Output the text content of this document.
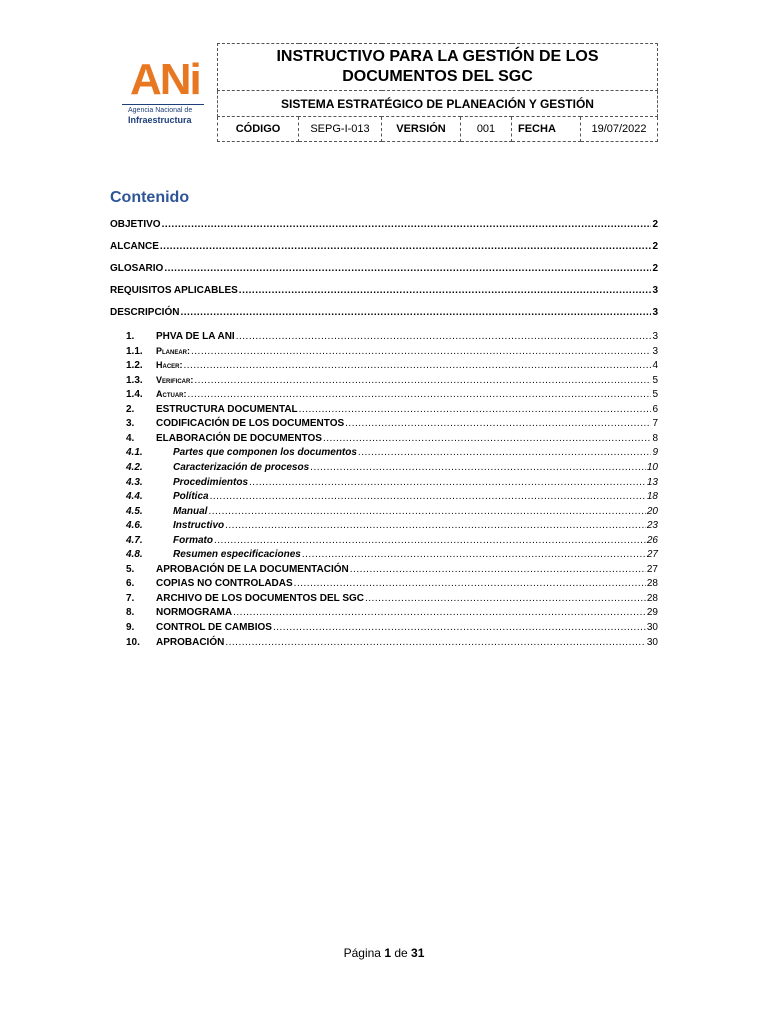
ANi
Agencia Nacional de
Infraestructura
INSTRUCTIVO PARA LA GESTIÓN DE LOS DOCUMENTOS DEL SGC
SISTEMA ESTRATÉGICO DE PLANEACIÓN Y GESTIÓN
CÓDIGO	SEPG-I-013	VERSIÓN	001	FECHA	19/07/2022
Contenido
OBJETIVO .....	2
ALCANCE .....	2
GLOSARIO .....	2
REQUISITOS APLICABLES .....	3
DESCRIPCIÓN .....	3
1. PHVA DE LA ANI .....	3
1.1. Planear: .....	3
1.2. Hacer: .....	4
1.3. Verificar: .....	5
1.4. Actuar: .....	5
2. ESTRUCTURA DOCUMENTAL .....	6
3. CODIFICACIÓN DE LOS DOCUMENTOS .....	7
4. ELABORACIÓN DE DOCUMENTOS .....	8
4.1.	Partes que componen los documentos .....	9
4.2.	Caracterización de procesos .....	10
4.3.	Procedimientos .....	13
4.4.	Política .....	18
4.5.	Manual .....	20
4.6.	Instructivo .....	23
4.7.	Formato .....	26
4.8.	Resumen especificaciones .....	27
5. APROBACIÓN DE LA DOCUMENTACIÓN .....	27
6. COPIAS NO CONTROLADAS .....	28
7. ARCHIVO DE LOS DOCUMENTOS DEL SGC .....	28
8. NORMOGRAMA .....	29
9. CONTROL DE CAMBIOS .....	30
10. APROBACIÓN .....	30
Página 1 de 31
